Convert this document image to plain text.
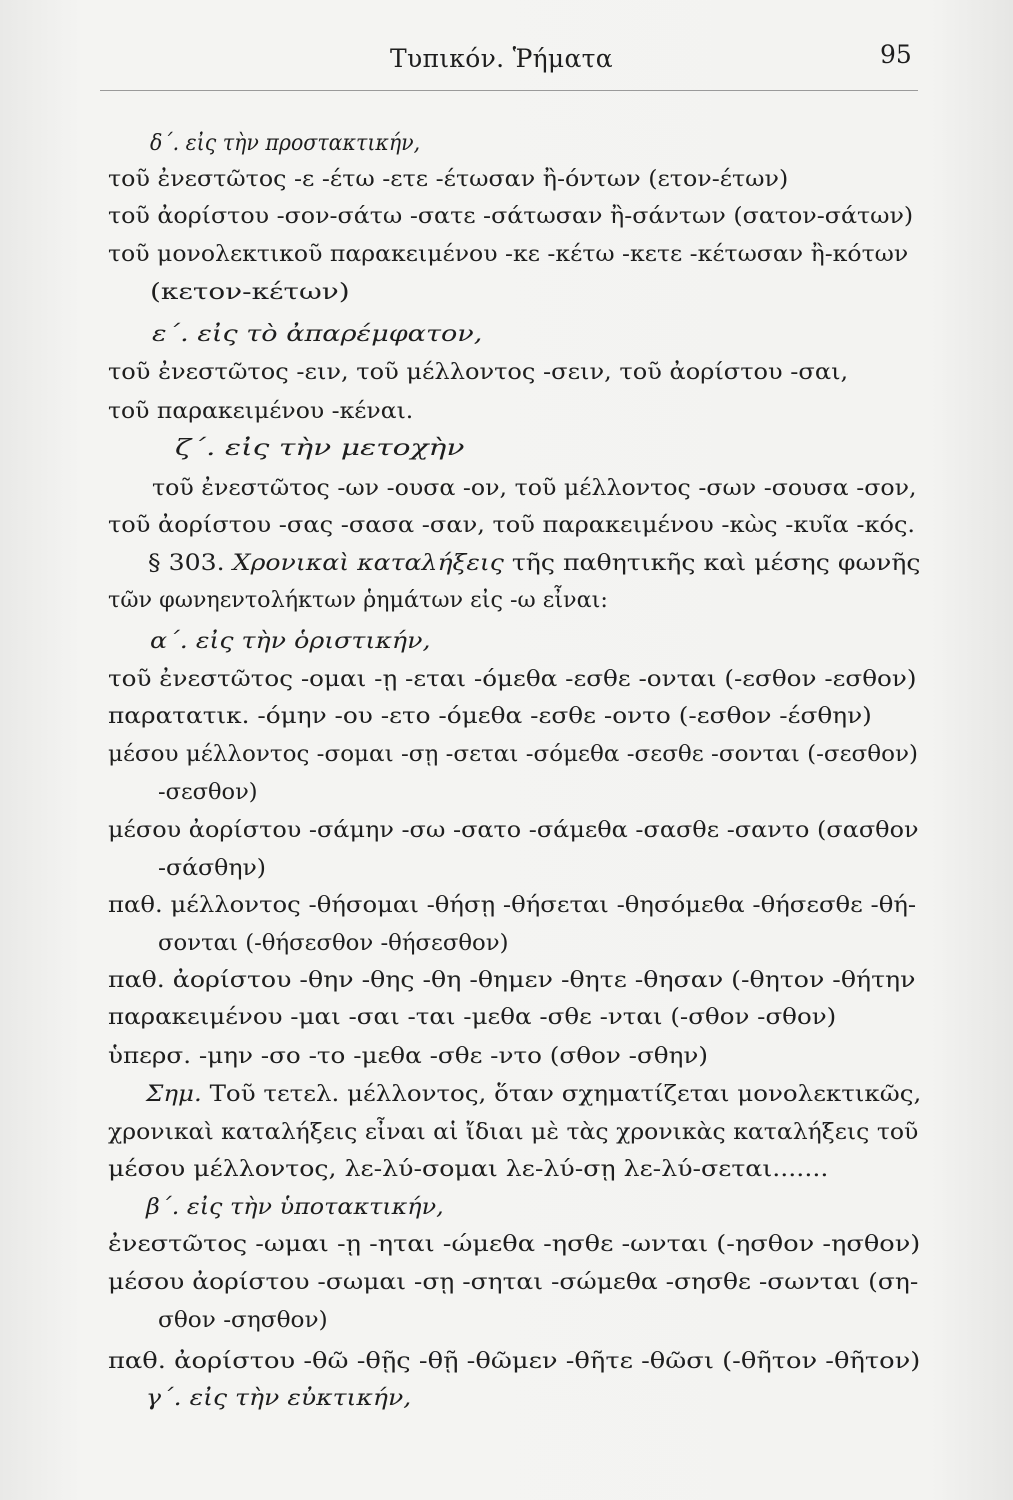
Τυπικόν. Ῥήματα	95
δ΄. εἰς τὴν προστακτικήν,
τοῦ ἐνεστῶτος -ε -έτω -ετε -έτωσαν ἢ-όντων (ετον-έτων)
τοῦ ἀορίστου -σον-σάτω -σατε -σάτωσαν ἢ-σάντων (σατον-σάτων)
τοῦ μονολεκτικοῦ παρακειμένου -κε -κέτω -κετε -κέτωσαν ἢ-κότων
(κετον-κέτων)
ε΄. εἰς τὸ ἀπαρέμφατον,
τοῦ ἐνεστῶτος -ειν, τοῦ μέλλοντος -σειν, τοῦ ἀορίστου -σαι,
τοῦ παρακειμένου -κέναι.
ζ΄. εἰς τὴν μετοχὴν
τοῦ ἐνεστῶτος -ων -ουσα -ον, τοῦ μέλλοντος -σων -σουσα -σον,
τοῦ ἀορίστου -σας -σασα -σαν, τοῦ παρακειμένου -κὼς -κυῖα -κός.
§ 303. Χρονικαὶ καταλήξεις τῆς παθητικῆς καὶ μέσης φωνῆς
τῶν φωνηεντολήκτων ῥημάτων εἰς -ω εἶναι:
α΄. εἰς τὴν ὁριστικήν,
τοῦ ἐνεστῶτος -ομαι -ῃ -εται -όμεθα -εσθε -ονται (-εσθον -εσθον)
παρατατικ. -όμην -ου -ετο -όμεθα -εσθε -οντο (-εσθον -έσθην)
μέσου μέλλοντος -σομαι -σῃ -σεται -σόμεθα -σεσθε -σονται (-σεσθον)
-σεσθον)
μέσου ἀορίστου -σάμην -σω -σατο -σάμεθα -σασθε -σαντο (σασθον
-σάσθην)
παθ. μέλλοντος -θήσομαι -θήσῃ -θήσεται -θησόμεθα -θήσεσθε -θή-
σονται (-θήσεσθον -θήσεσθον)
παθ. ἀορίστου -θην -θης -θη -θημεν -θητε -θησαν (-θητον -θήτην
παρακειμένου -μαι -σαι -ται -μεθα -σθε -νται (-σθον -σθον)
ὑπερσ. -μην -σο -το -μεθα -σθε -ντο (σθον -σθην)
Σημ. Τοῦ τετελ. μέλλοντος, ὅταν σχηματίζεται μονολεκτικῶς,
χρονικαὶ καταλήξεις εἶναι αἱ ἴδιαι μὲ τὰς χρονικὰς καταλήξεις τοῦ
μέσου μέλλοντος, λε-λύ-σομαι λε-λύ-σῃ λε-λύ-σεται.......
β΄. εἰς τὴν ὑποτακτικήν,
ἐνεστῶτος -ωμαι -ῃ -ηται -ώμεθα -ησθε -ωνται (-ησθον -ησθον)
μέσου ἀορίστου -σωμαι -σῃ -σηται -σώμεθα -σησθε -σωνται (ση-
σθον -σησθον)
παθ. ἀορίστου -θῶ -θῇς -θῇ -θῶμεν -θῆτε -θῶσι (-θῆτον -θῆτον)
γ΄. εἰς τὴν εὐκτικήν,
